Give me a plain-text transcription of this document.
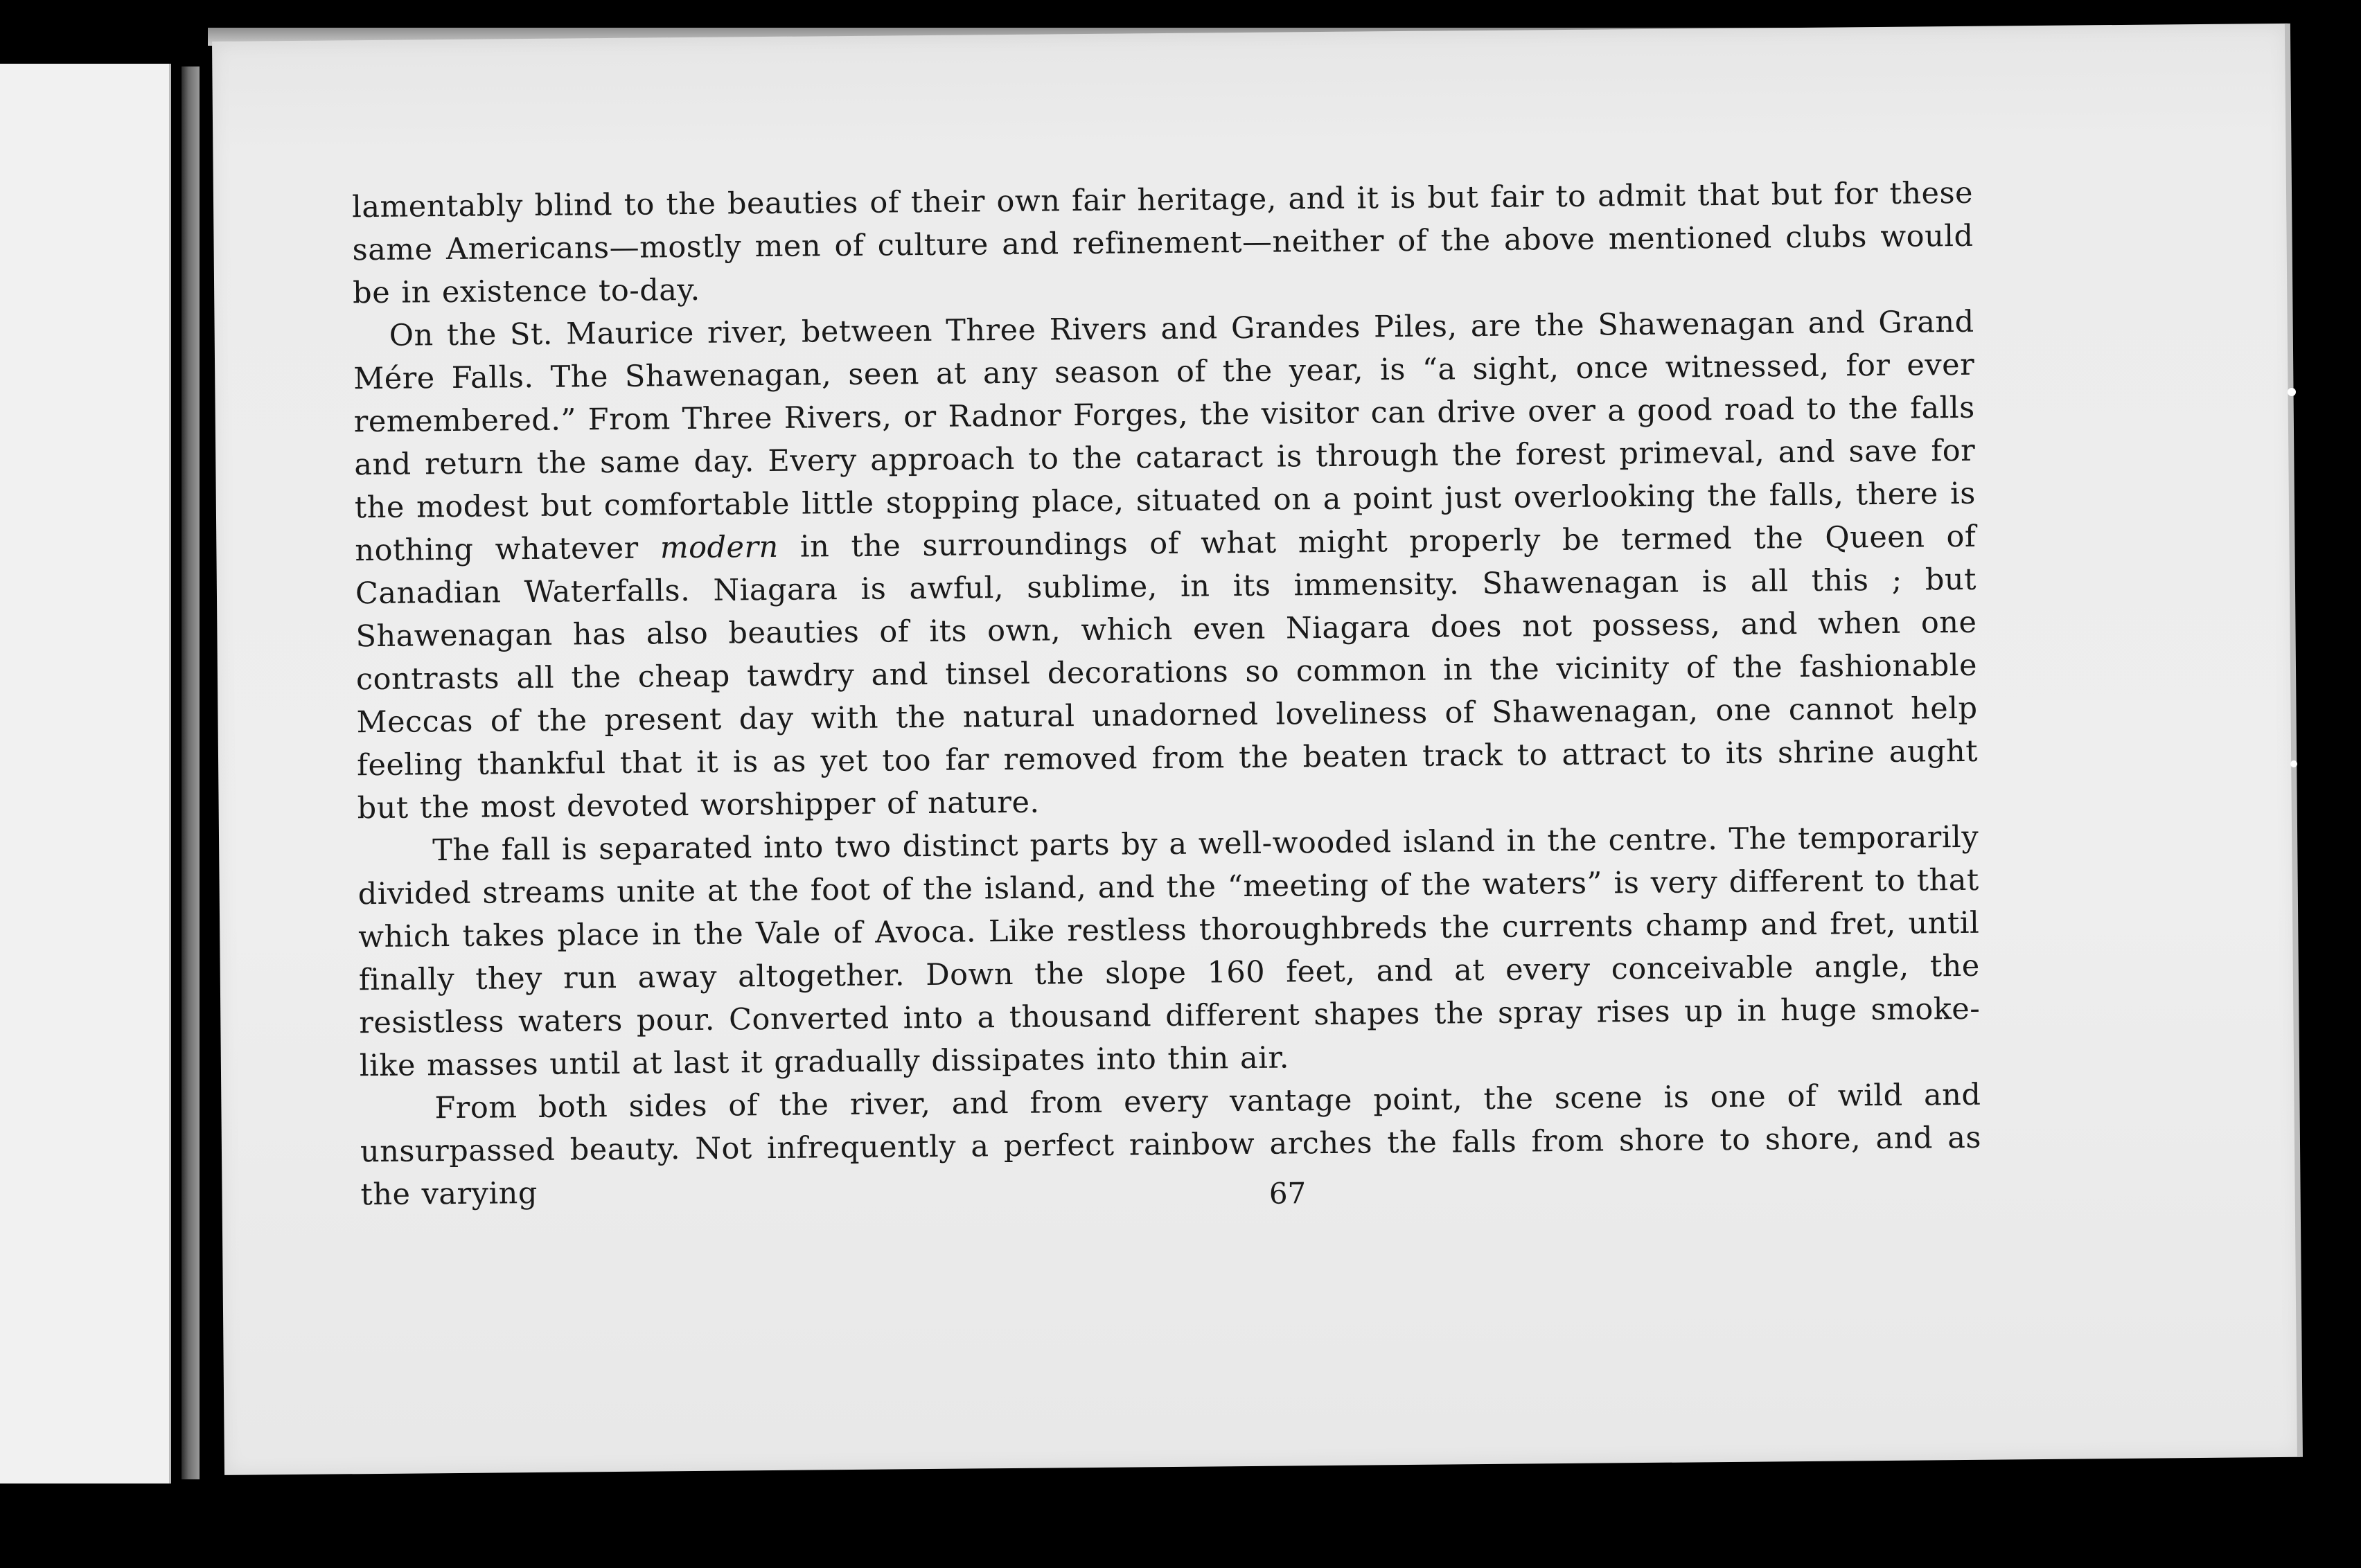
lamentably blind to the beauties of their own fair heritage, and it is but fair to admit that but for these same Americans—mostly men of culture and refinement—neither of the above mentioned clubs would be in existence to-day.

On the St. Maurice river, between Three Rivers and Grandes Piles, are the Shawenagan and Grand Mére Falls. The Shawenagan, seen at any season of the year, is “a sight, once witnessed, for ever remembered.” From Three Rivers, or Radnor Forges, the visitor can drive over a good road to the falls and return the same day. Every approach to the cataract is through the forest primeval, and save for the modest but comfortable little stopping place, situated on a point just overlooking the falls, there is nothing whatever modern in the surroundings of what might properly be termed the Queen of Canadian Waterfalls. Niagara is awful, sublime, in its immensity. Shawenagan is all this ; but Shawenagan has also beauties of its own, which even Niagara does not possess, and when one contrasts all the cheap tawdry and tinsel decorations so common in the vicinity of the fashionable Meccas of the present day with the natural unadorned loveliness of Shawenagan, one cannot help feeling thankful that it is as yet too far removed from the beaten track to attract to its shrine aught but the most devoted worshipper of nature.

The fall is separated into two distinct parts by a well-wooded island in the centre. The temporarily divided streams unite at the foot of the island, and the “meeting of the waters” is very different to that which takes place in the Vale of Avoca. Like restless thoroughbreds the currents champ and fret, until finally they run away altogether. Down the slope 160 feet, and at every conceivable angle, the resistless waters pour. Converted into a thousand different shapes the spray rises up in huge smoke-like masses until at last it gradually dissipates into thin air.

From both sides of the river, and from every vantage point, the scene is one of wild and unsurpassed beauty. Not infrequently a perfect rainbow arches the falls from shore to shore, and as the varying	67
